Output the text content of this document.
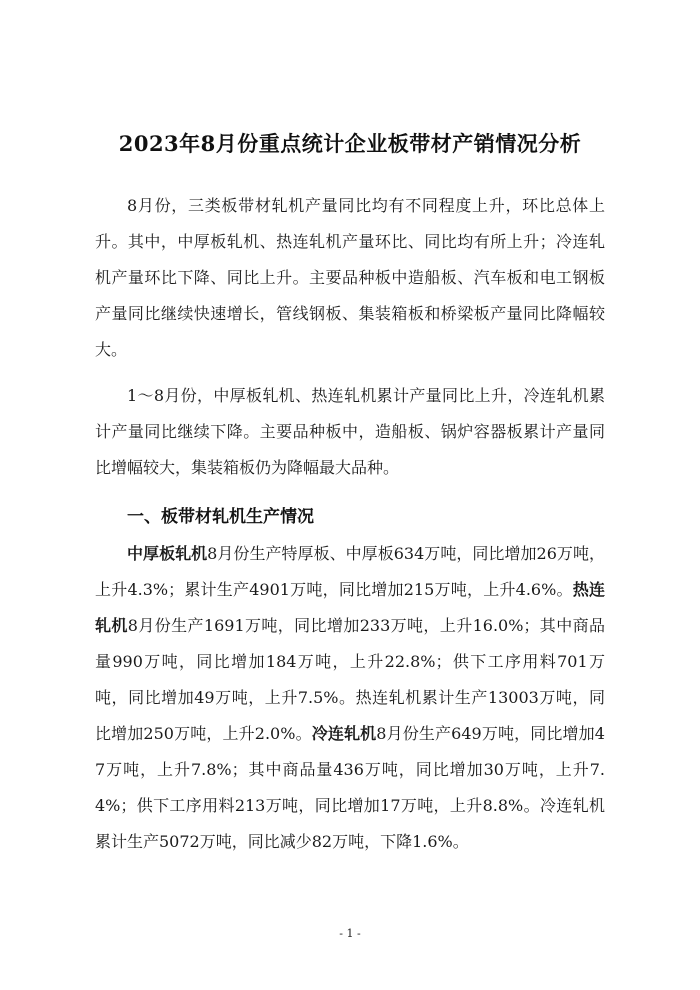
2023年8月份重点统计企业板带材产销情况分析

8月份，三类板带材轧机产量同比均有不同程度上升，环比总体上升。其中，中厚板轧机、热连轧机产量环比、同比均有所上升；冷连轧机产量环比下降、同比上升。主要品种板中造船板、汽车板和电工钢板产量同比继续快速增长，管线钢板、集装箱板和桥梁板产量同比降幅较大。

1～8月份，中厚板轧机、热连轧机累计产量同比上升，冷连轧机累计产量同比继续下降。主要品种板中，造船板、锅炉容器板累计产量同比增幅较大，集装箱板仍为降幅最大品种。

一、板带材轧机生产情况

中厚板轧机8月份生产特厚板、中厚板634万吨，同比增加26万吨，上升4.3%；累计生产4901万吨，同比增加215万吨，上升4.6%。热连轧机8月份生产1691万吨，同比增加233万吨，上升16.0%；其中商品量990万吨，同比增加184万吨，上升22.8%；供下工序用料701万吨，同比增加49万吨，上升7.5%。热连轧机累计生产13003万吨，同比增加250万吨，上升2.0%。冷连轧机8月份生产649万吨，同比增加47万吨，上升7.8%；其中商品量436万吨，同比增加30万吨，上升7.4%；供下工序用料213万吨，同比增加17万吨，上升8.8%。冷连轧机累计生产5072万吨，同比减少82万吨，下降1.6%。

- 1 -
